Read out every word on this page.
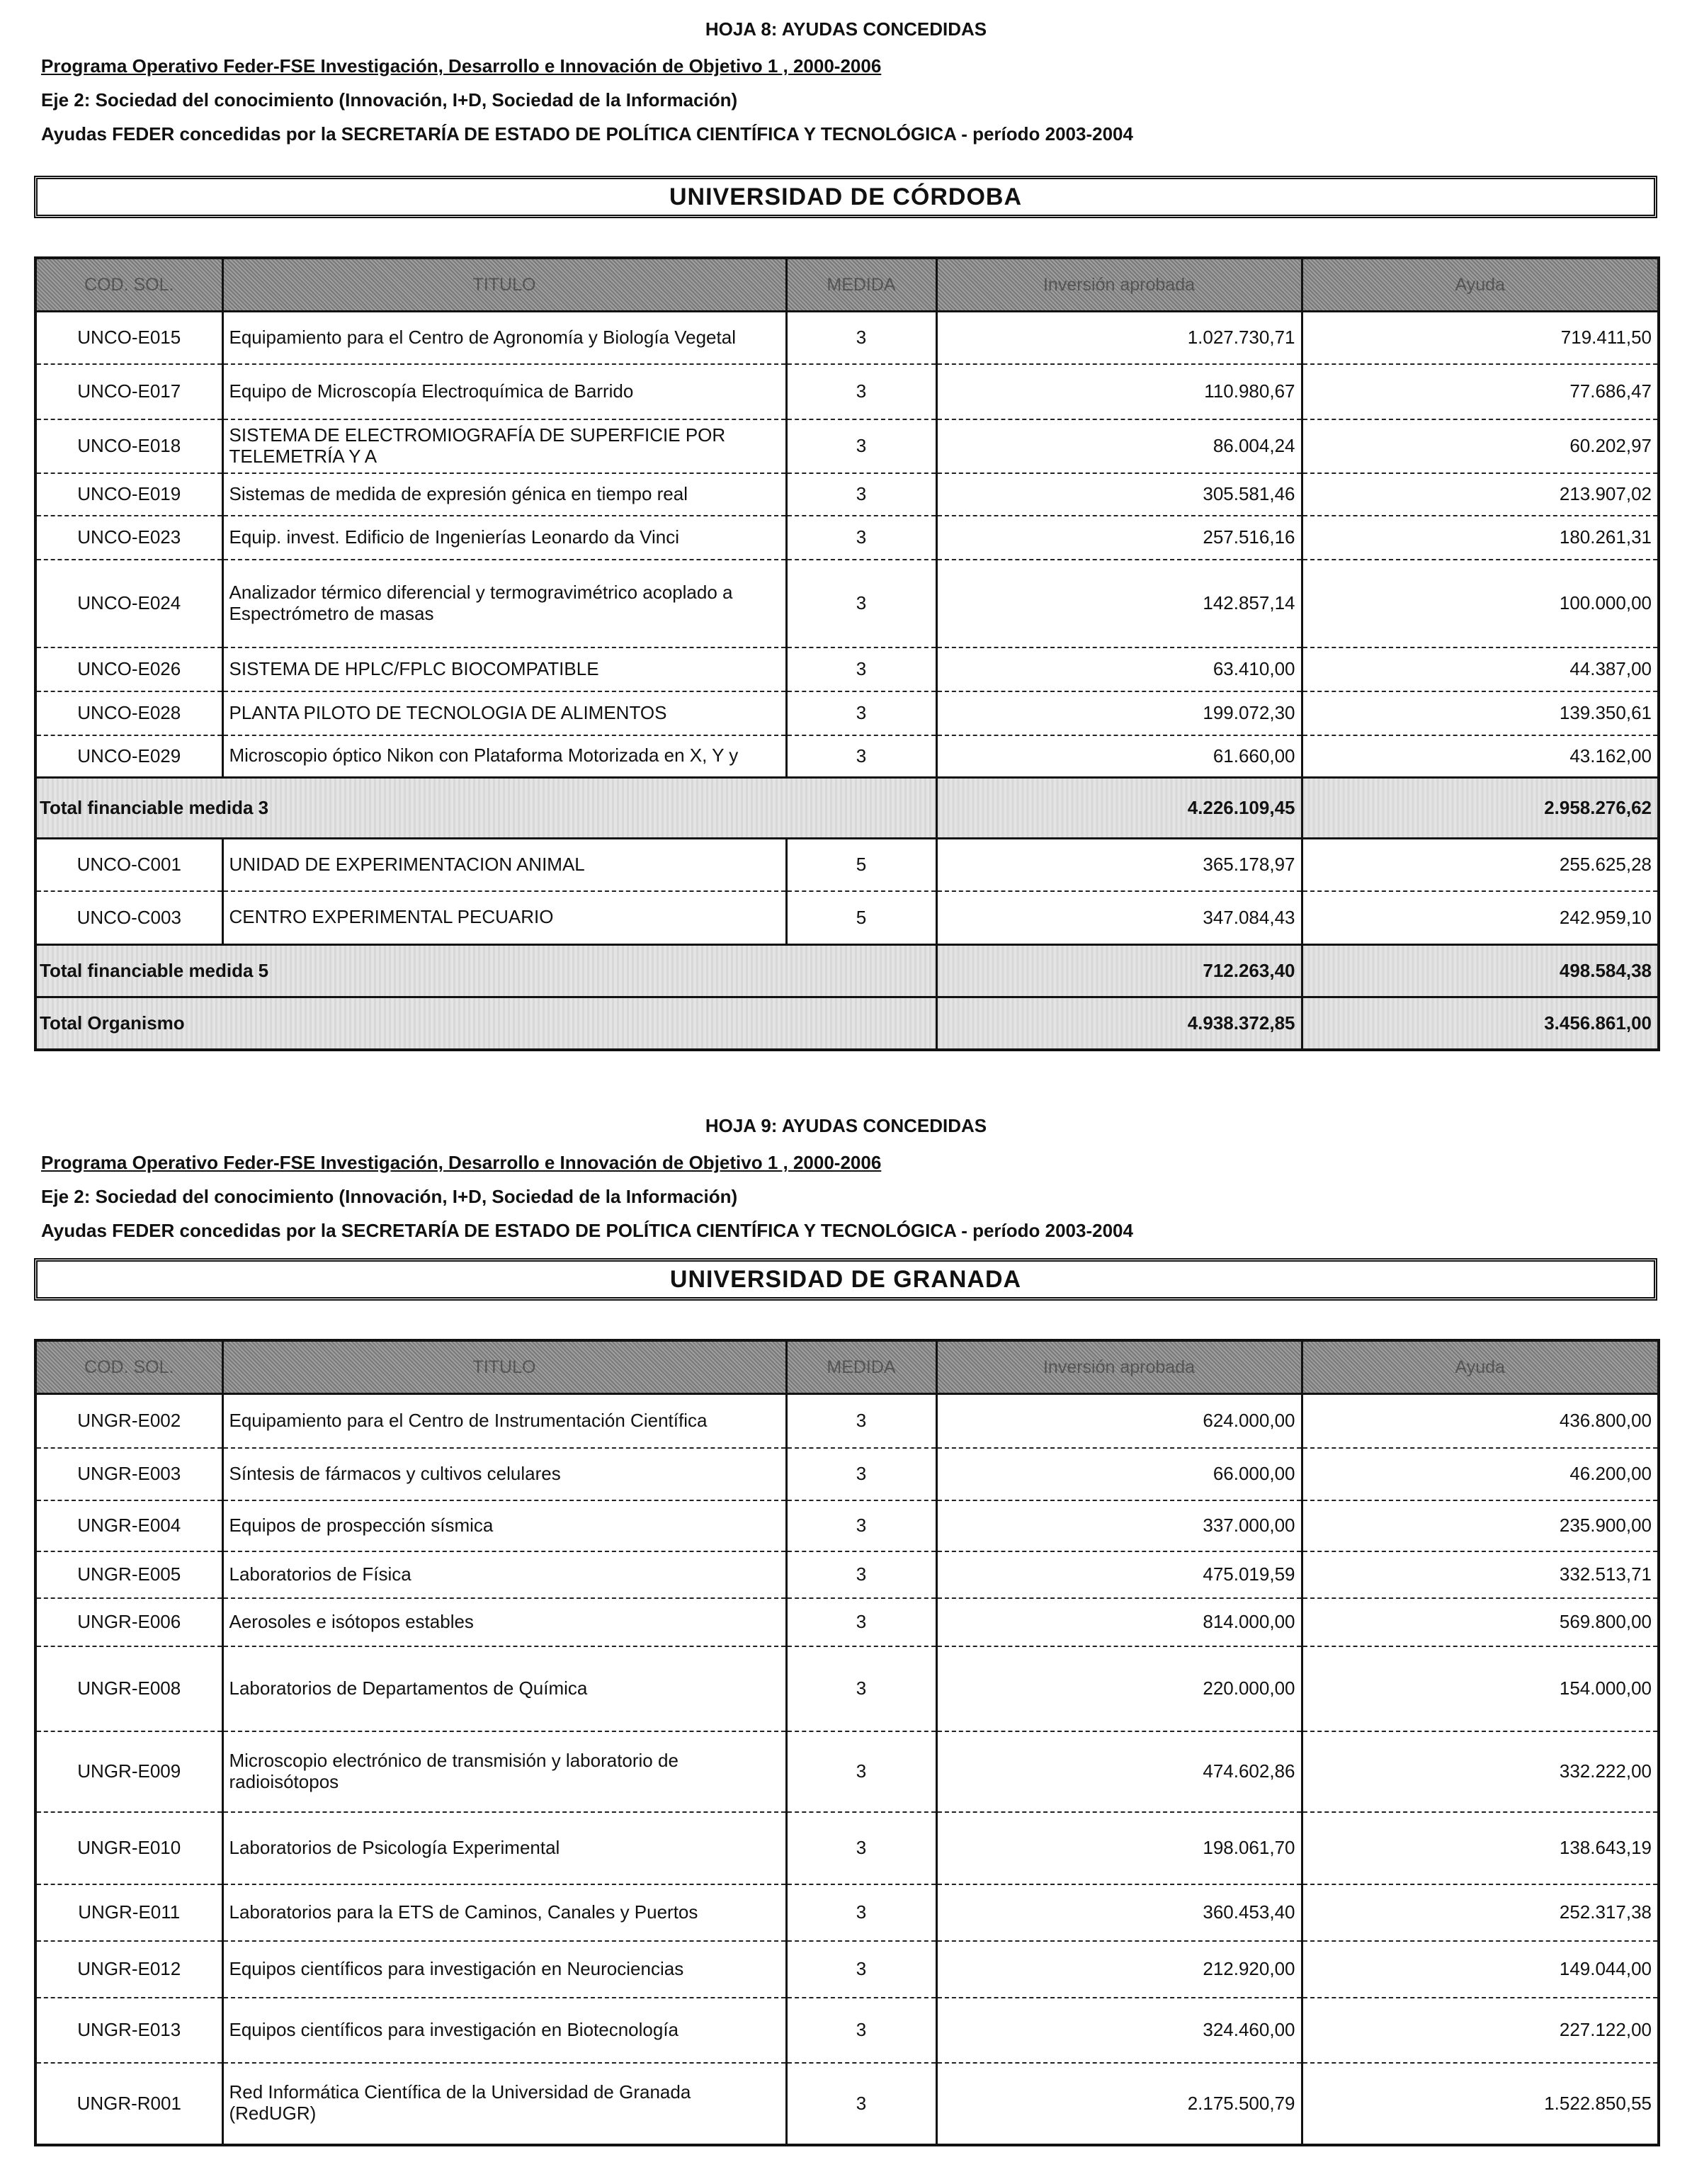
HOJA 8: AYUDAS CONCEDIDAS
Programa Operativo Feder-FSE Investigación, Desarrollo e Innovación de Objetivo 1 , 2000-2006
Eje 2: Sociedad del conocimiento (Innovación, I+D, Sociedad de la Información)
Ayudas FEDER concedidas por la SECRETARÍA DE ESTADO DE POLÍTICA CIENTÍFICA Y TECNOLÓGICA - período 2003-2004
UNIVERSIDAD DE CÓRDOBA
COD. SOL.	TITULO	MEDIDA	Inversión aprobada	Ayuda
UNCO-E015	Equipamiento para el Centro de Agronomía y Biología Vegetal	3	1.027.730,71	719.411,50
UNCO-E017	Equipo de Microscopía Electroquímica de Barrido	3	110.980,67	77.686,47
UNCO-E018	SISTEMA DE ELECTROMIOGRAFÍA DE SUPERFICIE POR TELEMETRÍA Y A	3	86.004,24	60.202,97
UNCO-E019	Sistemas de medida de expresión génica en tiempo real	3	305.581,46	213.907,02
UNCO-E023	Equip. invest. Edificio de Ingenierías Leonardo da Vinci	3	257.516,16	180.261,31
UNCO-E024	Analizador térmico diferencial y termogravimétrico acoplado a Espectrómetro de masas	3	142.857,14	100.000,00
UNCO-E026	SISTEMA DE HPLC/FPLC BIOCOMPATIBLE	3	63.410,00	44.387,00
UNCO-E028	PLANTA PILOTO DE TECNOLOGIA DE ALIMENTOS	3	199.072,30	139.350,61
UNCO-E029	Microscopio óptico Nikon con Plataforma Motorizada en X, Y y	3	61.660,00	43.162,00
Total financiable medida 3			4.226.109,45	2.958.276,62
UNCO-C001	UNIDAD DE EXPERIMENTACION ANIMAL	5	365.178,97	255.625,28
UNCO-C003	CENTRO EXPERIMENTAL PECUARIO	5	347.084,43	242.959,10
Total financiable medida 5			712.263,40	498.584,38
Total Organismo			4.938.372,85	3.456.861,00
HOJA 9: AYUDAS CONCEDIDAS
Programa Operativo Feder-FSE Investigación, Desarrollo e Innovación de Objetivo 1 , 2000-2006
Eje 2: Sociedad del conocimiento (Innovación, I+D, Sociedad de la Información)
Ayudas FEDER concedidas por la SECRETARÍA DE ESTADO DE POLÍTICA CIENTÍFICA Y TECNOLÓGICA - período 2003-2004
UNIVERSIDAD DE GRANADA
COD. SOL.	TITULO	MEDIDA	Inversión aprobada	Ayuda
UNGR-E002	Equipamiento para el Centro de Instrumentación Científica	3	624.000,00	436.800,00
UNGR-E003	Síntesis de fármacos y cultivos celulares	3	66.000,00	46.200,00
UNGR-E004	Equipos de prospección sísmica	3	337.000,00	235.900,00
UNGR-E005	Laboratorios de Física	3	475.019,59	332.513,71
UNGR-E006	Aerosoles e isótopos estables	3	814.000,00	569.800,00
UNGR-E008	Laboratorios de Departamentos de Química	3	220.000,00	154.000,00
UNGR-E009	Microscopio electrónico de transmisión y laboratorio de radioisótopos	3	474.602,86	332.222,00
UNGR-E010	Laboratorios de Psicología Experimental	3	198.061,70	138.643,19
UNGR-E011	Laboratorios para la ETS de Caminos, Canales y Puertos	3	360.453,40	252.317,38
UNGR-E012	Equipos científicos para investigación en Neurociencias	3	212.920,00	149.044,00
UNGR-E013	Equipos científicos para investigación en Biotecnología	3	324.460,00	227.122,00
UNGR-R001	Red Informática Científica de la Universidad de Granada (RedUGR)	3	2.175.500,79	1.522.850,55
